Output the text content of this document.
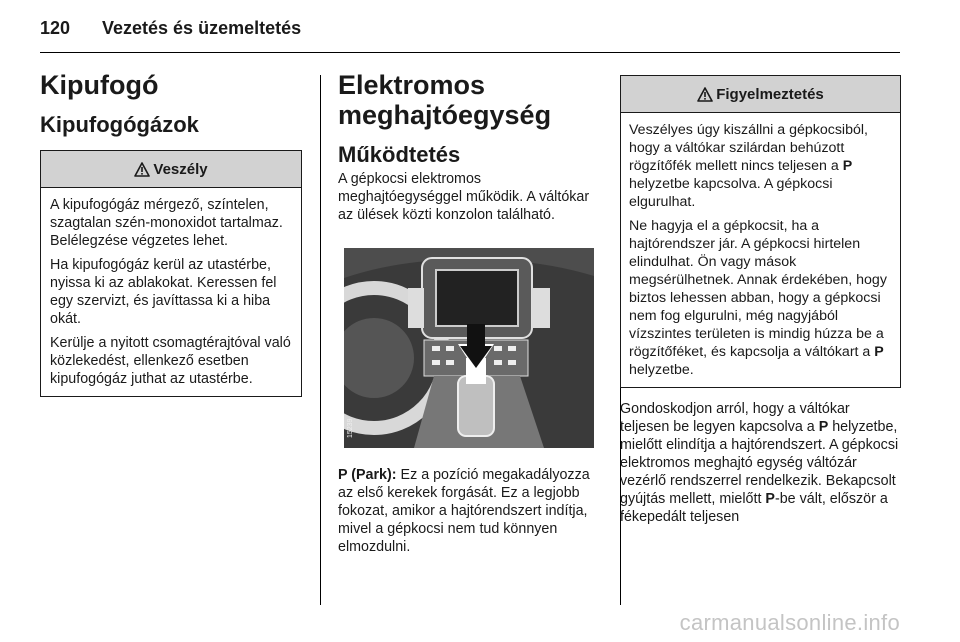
120 Vezetés és üzemeltetés
Kipufogó
Kipufogógázok
Veszély

A kipufogógáz mérgező, színtelen, szagtalan szén-monoxidot tartalmaz. Belélegzése végzetes lehet.

Ha kipufogógáz kerül az utastérbe, nyissa ki az ablakokat. Keressen fel egy szervizt, és javíttassa ki a hiba okát.

Kerülje a nyitott csomagtérajtóval való közlekedést, ellenkező esetben kipufogógáz juthat az utastérbe.

Elektromos
meghajtóegység
Működtetés

A gépkocsi elektromos meghajtóegységgel működik. A váltókar az ülések közti konzolon található.

15239

P (Park): Ez a pozíció megakadályozza az első kerekek forgását. Ez a legjobb fokozat, amikor a hajtórendszert indítja, mivel a gépkocsi nem tud könnyen elmozdulni.

Figyelmeztetés

Veszélyes úgy kiszállni a gépkocsiból, hogy a váltókar szilárdan behúzott rögzítőfék mellett nincs teljesen a P helyzetbe kapcsolva. A gépkocsi elgurulhat.

Ne hagyja el a gépkocsit, ha a hajtórendszer jár. A gépkocsi hirtelen elindulhat. Ön vagy mások megsérülhetnek. Annak érdekében, hogy biztos lehessen abban, hogy a gépkocsi nem fog elgurulni, még nagyjából vízszintes területen is mindig húzza be a rögzítőféket, és kapcsolja a váltókart a P helyzetbe.

Gondoskodjon arról, hogy a váltókar teljesen be legyen kapcsolva a P helyzetbe, mielőtt elindítja a hajtórendszert. A gépkocsi elektromos meghajtó egység váltózár vezérlő rendszerrel rendelkezik. Bekapcsolt gyújtás mellett, mielőtt P-be vált, először a fékepedált teljesen

carmanualsonline.info
